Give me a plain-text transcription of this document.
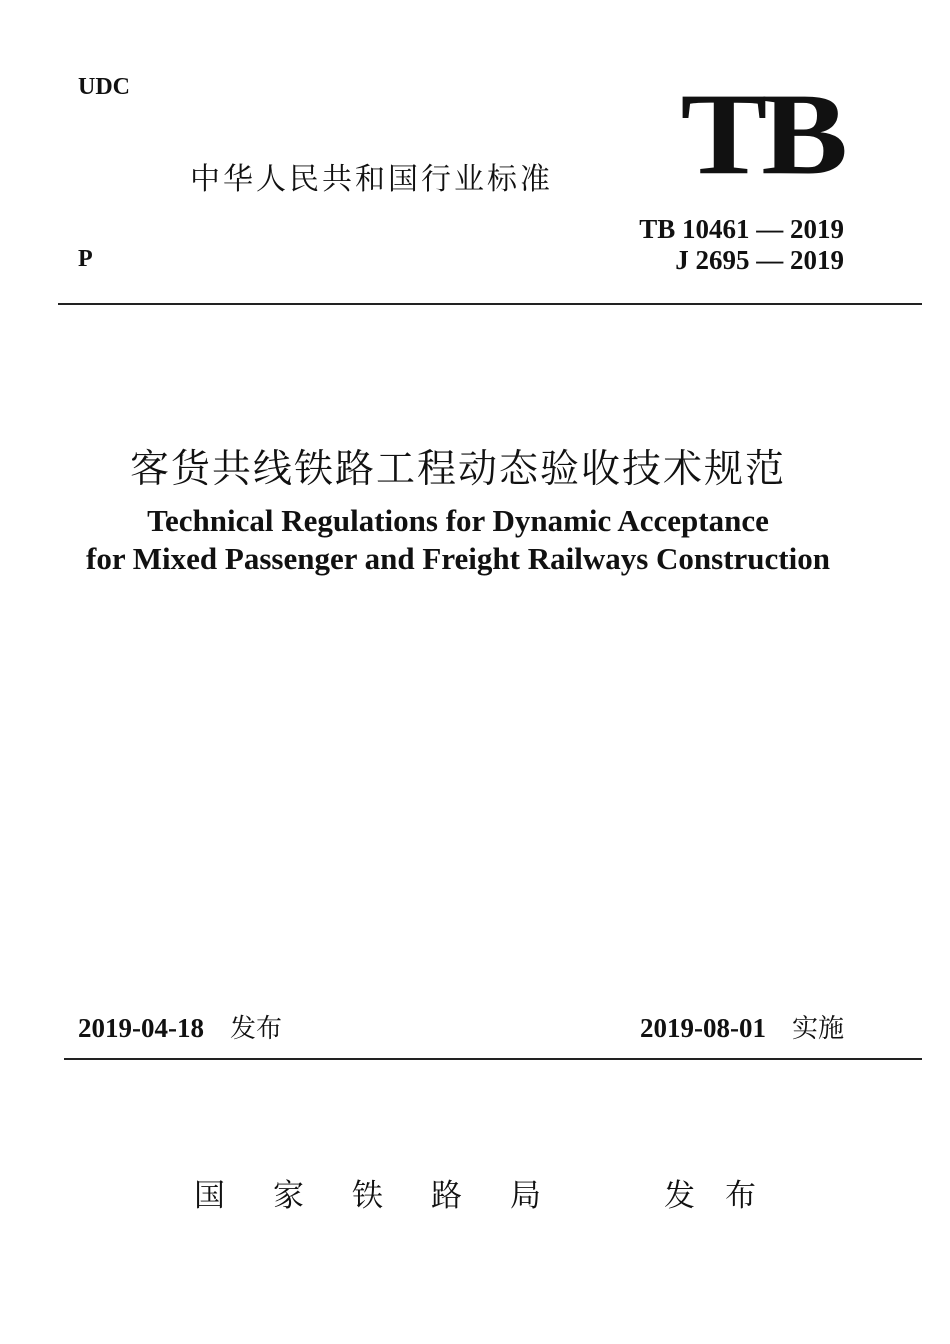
UDC
P
中华人民共和国行业标准 TB
TB 10461 — 2019
J 2695 — 2019
客货共线铁路工程动态验收技术规范
Technical Regulations for Dynamic Acceptance
for Mixed Passenger and Freight Railways Construction
2019-04-18 发布	2019-08-01 实施
国家铁路局 发布
